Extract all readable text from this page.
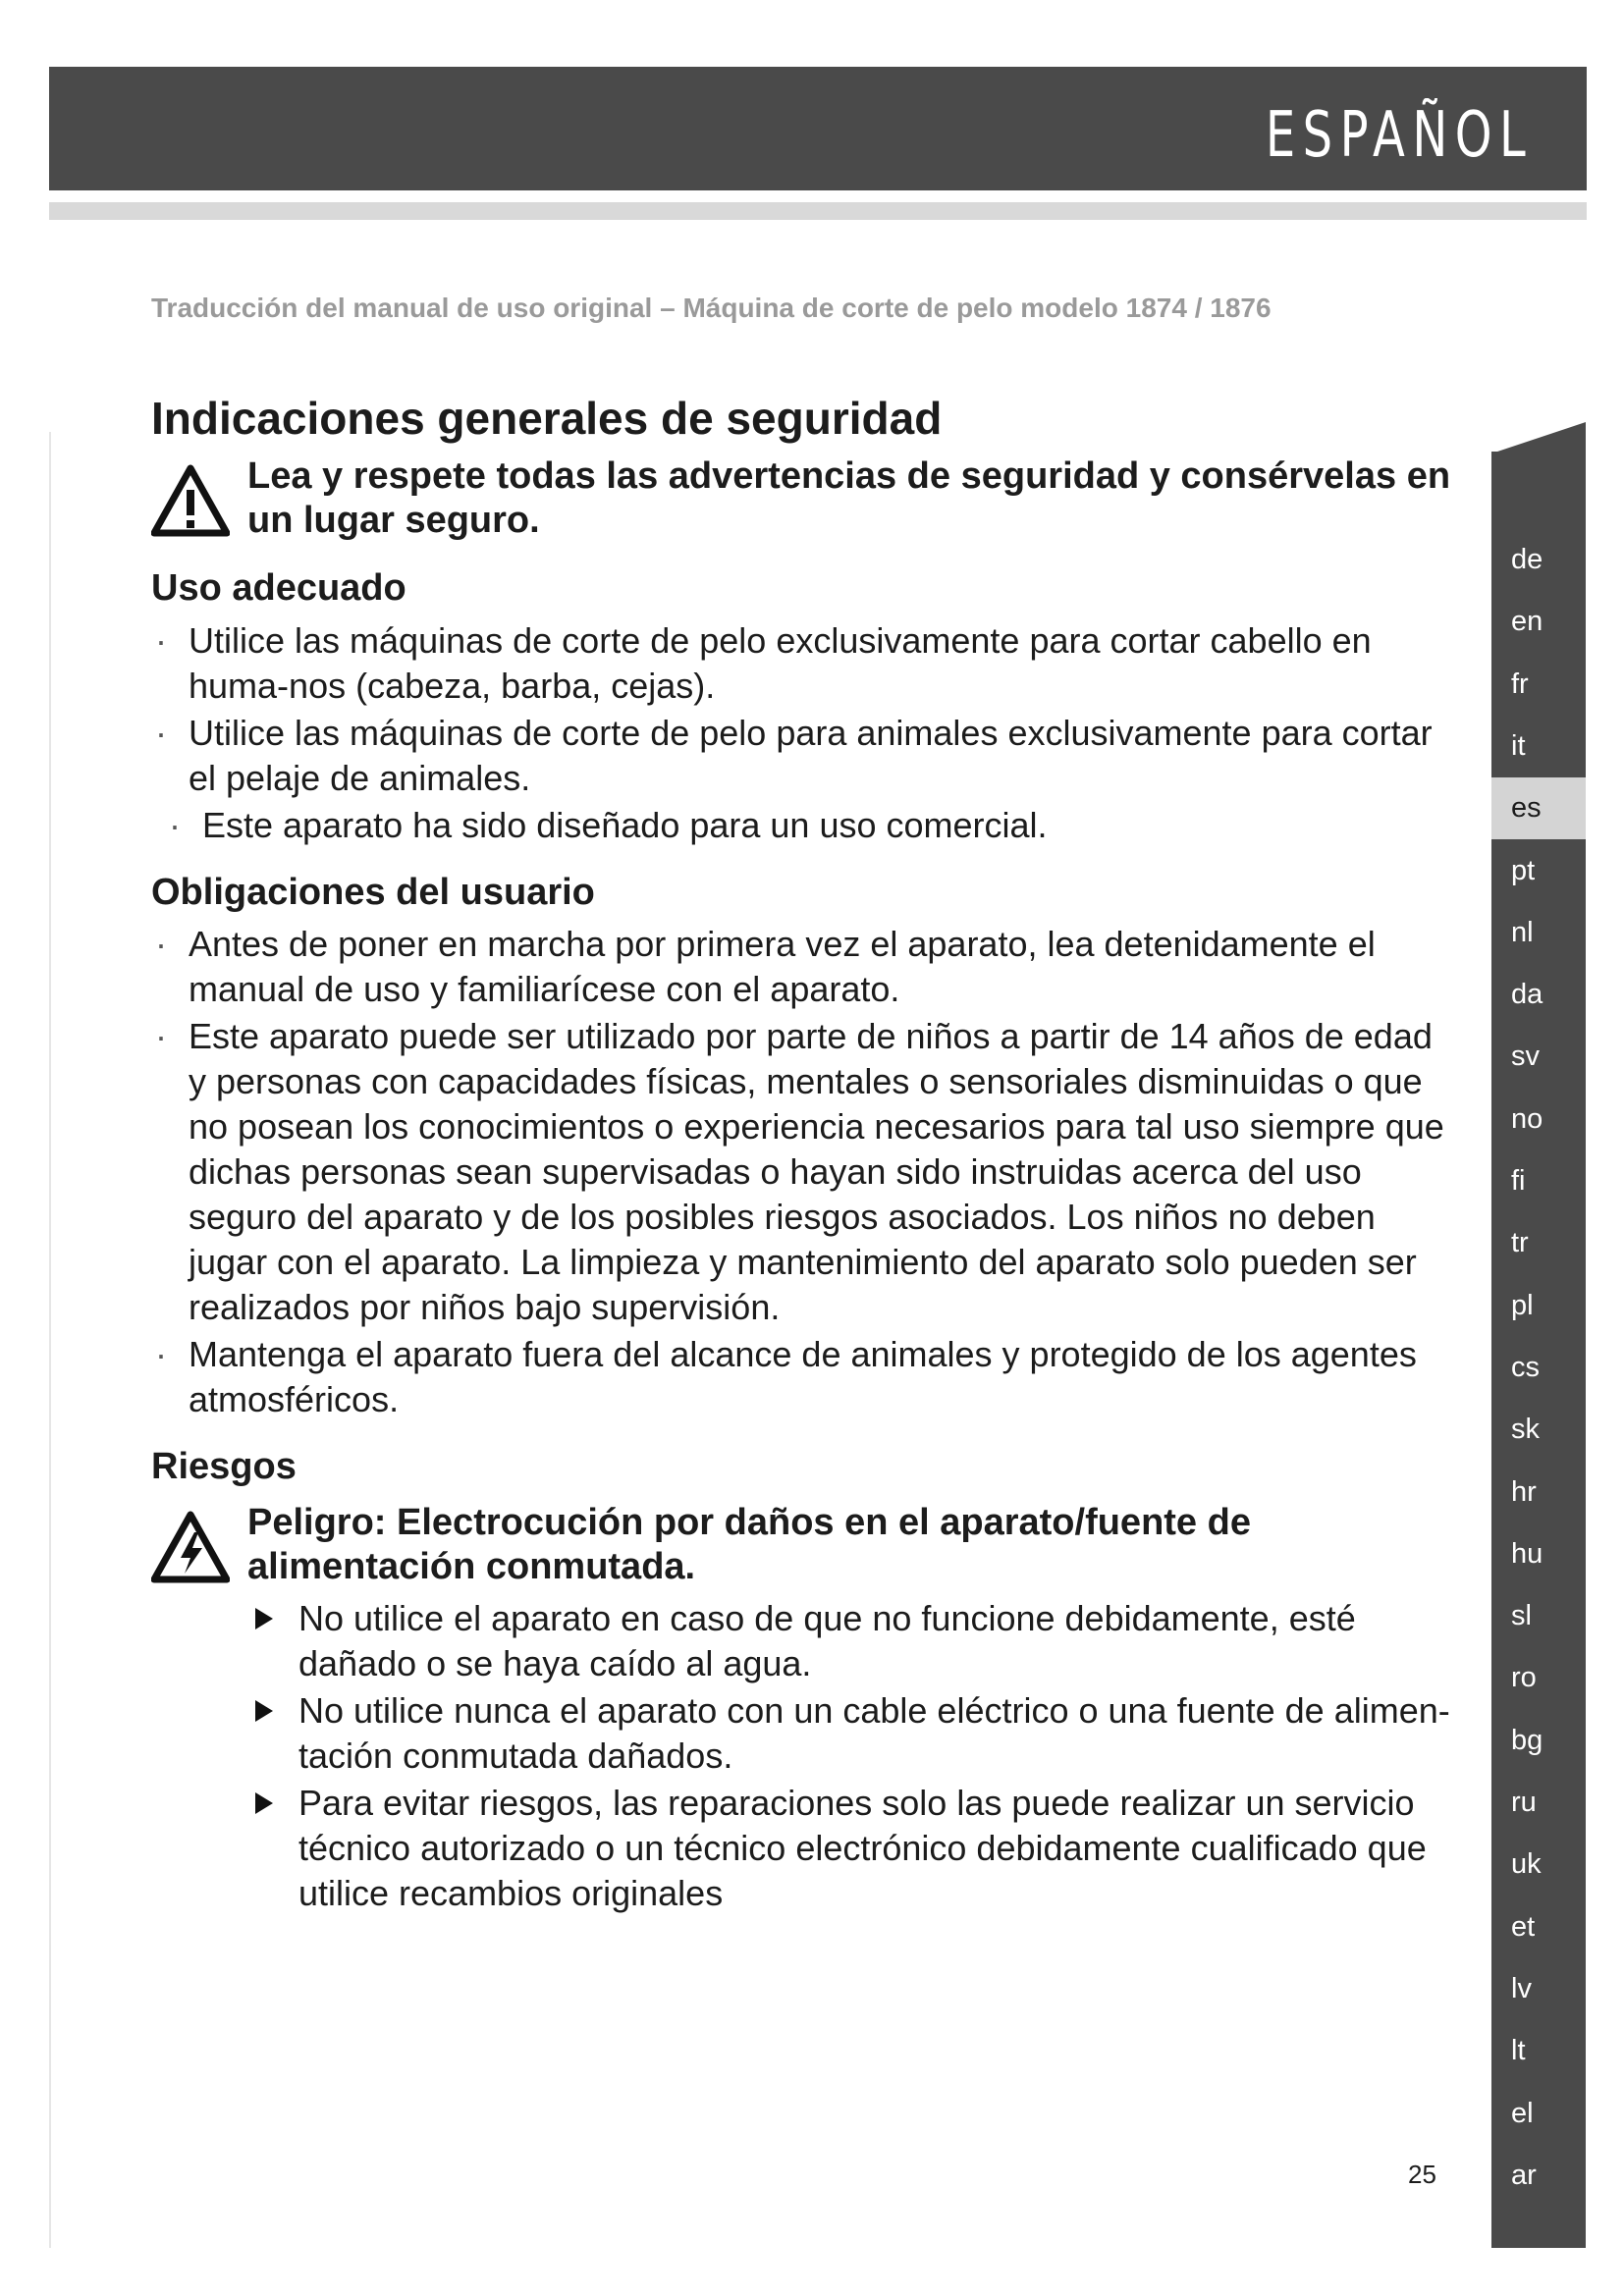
ESPAÑOL
Traducción del manual de uso original – Máquina de corte de pelo modelo 1874 / 1876
Indicaciones generales de seguridad
Lea y respete todas las advertencias de seguridad y consérvelas en un lugar seguro.
Uso adecuado
· Utilice las máquinas de corte de pelo exclusivamente para cortar cabello en huma-nos (cabeza, barba, cejas).
· Utilice las máquinas de corte de pelo para animales exclusivamente para cortar el pelaje de animales.
· Este aparato ha sido diseñado para un uso comercial.
Obligaciones del usuario
· Antes de poner en marcha por primera vez el aparato, lea detenidamente el manual de uso y familiarícese con el aparato.
· Este aparato puede ser utilizado por parte de niños a partir de 14 años de edad y personas con capacidades físicas, mentales o sensoriales disminuidas o que no posean los conocimientos o experiencia necesarios para tal uso siempre que dichas personas sean supervisadas o hayan sido instruidas acerca del uso seguro del aparato y de los posibles riesgos asociados. Los niños no deben jugar con el aparato. La limpieza y mantenimiento del aparato solo pueden ser realizados por niños bajo supervisión.
· Mantenga el aparato fuera del alcance de animales y protegido de los agentes atmosféricos.
Riesgos
Peligro: Electrocución por daños en el aparato/fuente de alimentación conmutada.
No utilice el aparato en caso de que no funcione debidamente, esté dañado o se haya caído al agua.
No utilice nunca el aparato con un cable eléctrico o una fuente de alimen-tación conmutada dañados.
Para evitar riesgos, las reparaciones solo las puede realizar un servicio técnico autorizado o un técnico electrónico debidamente cualificado que utilice recambios originales
de
en
fr
it
es
pt
nl
da
sv
no
fi
tr
pl
cs
sk
hr
hu
sl
ro
bg
ru
uk
et
lv
lt
el
ar
25
